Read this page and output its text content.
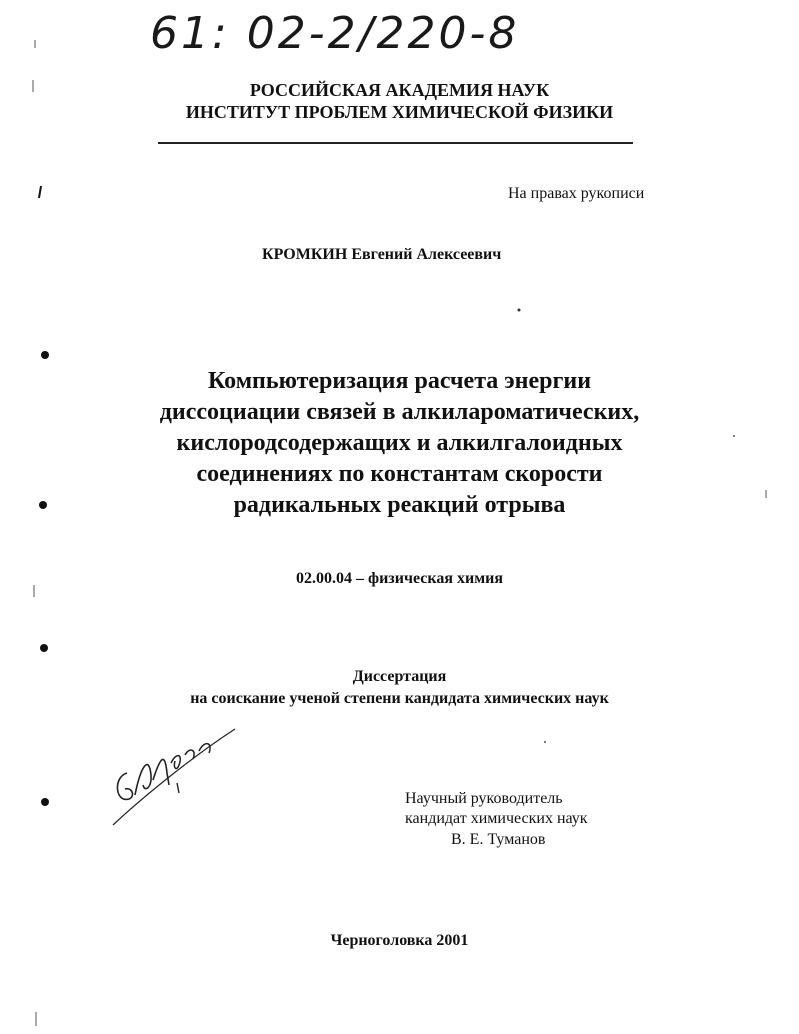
61: 02-2/220-8
РОССИЙСКАЯ АКАДЕМИЯ НАУК
ИНСТИТУТ ПРОБЛЕМ ХИМИЧЕСКОЙ ФИЗИКИ
На правах рукописи
КРОМКИН Евгений Алексеевич
Компьютеризация расчета энергии
диссоциации связей в алкилароматических,
кислородсодержащих и алкилгалоидных
соединениях по константам скорости
радикальных реакций отрыва
02.00.04 – физическая химия
Диссертация
на соискание ученой степени кандидата химических наук
Научный руководитель
кандидат химических наук
В. Е. Туманов
Черноголовка 2001
